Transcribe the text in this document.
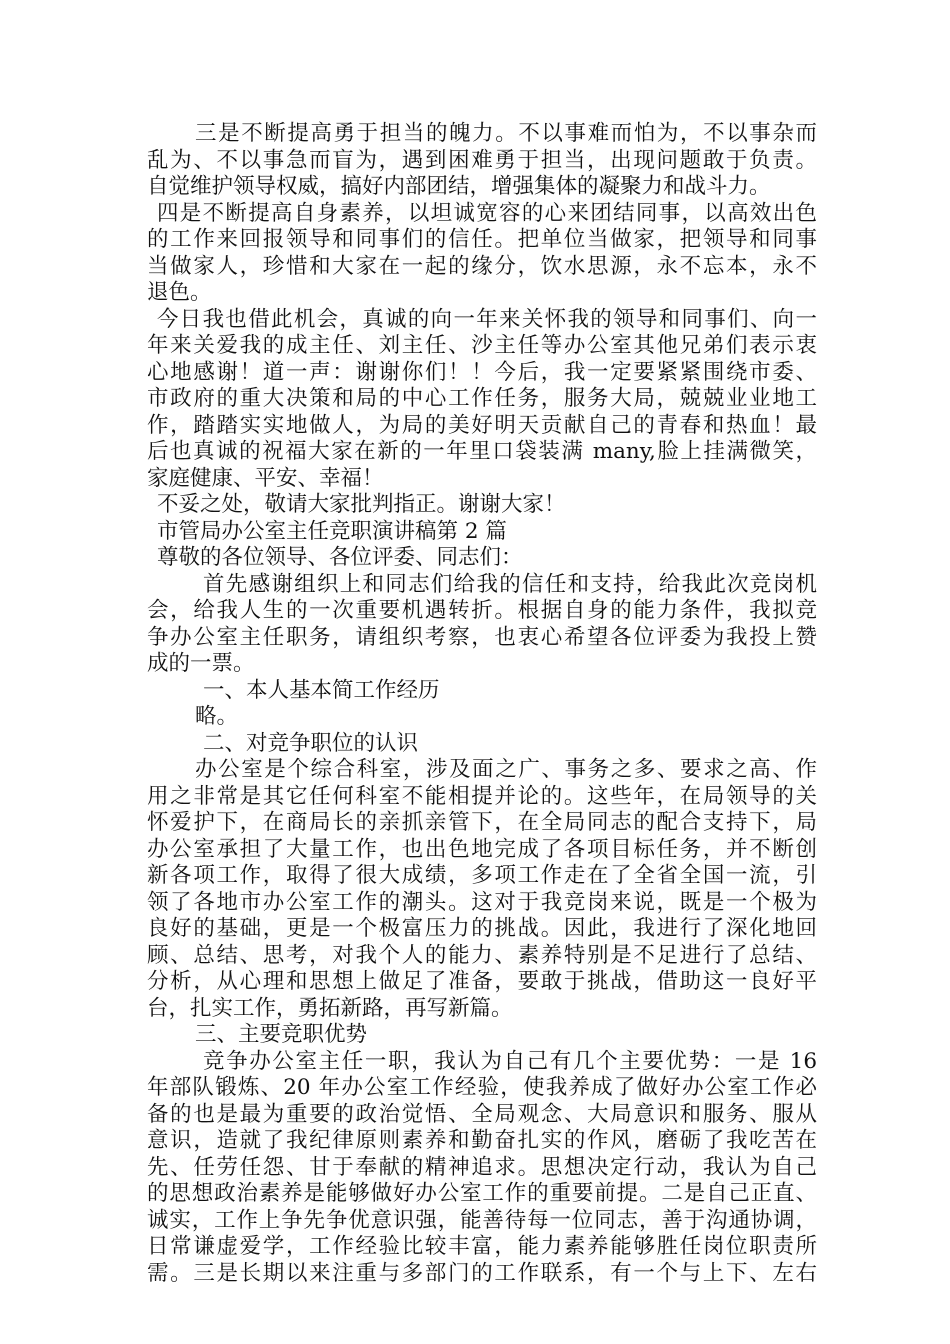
三是不断提高勇于担当的魄力。不以事难而怕为，不以事杂而
乱为、不以事急而盲为，遇到困难勇于担当，出现问题敢于负责。
自觉维护领导权威，搞好内部团结，增强集体的凝聚力和战斗力。
四是不断提高自身素养，以坦诚宽容的心来团结同事，以高效出色
的工作来回报领导和同事们的信任。把单位当做家，把领导和同事
当做家人，珍惜和大家在一起的缘分，饮水思源，永不忘本，永不
退色。
今日我也借此机会，真诚的向一年来关怀我的领导和同事们、向一
年来关爱我的成主任、刘主任、沙主任等办公室其他兄弟们表示衷
心地感谢！道一声：谢谢你们！！今后，我一定要紧紧围绕市委、
市政府的重大决策和局的中心工作任务，服务大局，兢兢业业地工
作，踏踏实实地做人，为局的美好明天贡献自己的青春和热血！最
后也真诚的祝福大家在新的一年里口袋装满 many,脸上挂满微笑，
家庭健康、平安、幸福！
不妥之处，敬请大家批判指正。谢谢大家！
市管局办公室主任竞职演讲稿第 2 篇
尊敬的各位领导、各位评委、同志们：
首先感谢组织上和同志们给我的信任和支持，给我此次竞岗机
会，给我人生的一次重要机遇转折。根据自身的能力条件，我拟竞
争办公室主任职务，请组织考察，也衷心希望各位评委为我投上赞
成的一票。
一、本人基本简工作经历
略。
二、对竞争职位的认识
办公室是个综合科室，涉及面之广、事务之多、要求之高、作
用之非常是其它任何科室不能相提并论的。这些年，在局领导的关
怀爱护下，在商局长的亲抓亲管下，在全局同志的配合支持下，局
办公室承担了大量工作，也出色地完成了各项目标任务，并不断创
新各项工作，取得了很大成绩，多项工作走在了全省全国一流，引
领了各地市办公室工作的潮头。这对于我竞岗来说，既是一个极为
良好的基础，更是一个极富压力的挑战。因此，我进行了深化地回
顾、总结、思考，对我个人的能力、素养特别是不足进行了总结、
分析，从心理和思想上做足了准备，要敢于挑战，借助这一良好平
台，扎实工作，勇拓新路，再写新篇。
三、主要竞职优势
竞争办公室主任一职，我认为自己有几个主要优势：一是 16
年部队锻炼、20 年办公室工作经验，使我养成了做好办公室工作必
备的也是最为重要的政治觉悟、全局观念、大局意识和服务、服从
意识，造就了我纪律原则素养和勤奋扎实的作风，磨砺了我吃苦在
先、任劳任怨、甘于奉献的精神追求。思想决定行动，我认为自己
的思想政治素养是能够做好办公室工作的重要前提。二是自己正直、
诚实，工作上争先争优意识强，能善待每一位同志，善于沟通协调，
日常谦虚爱学，工作经验比较丰富，能力素养能够胜任岗位职责所
需。三是长期以来注重与多部门的工作联系，有一个与上下、左右
